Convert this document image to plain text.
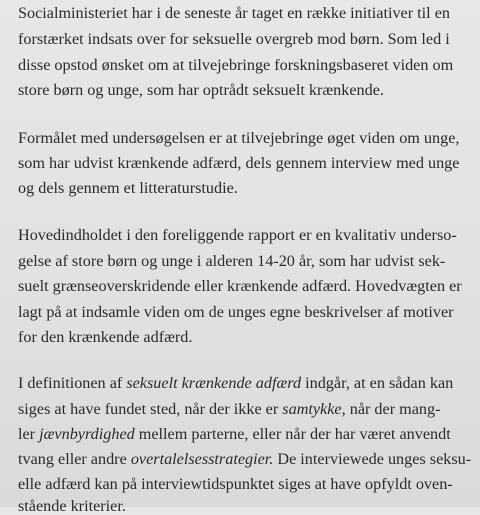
Socialministeriet har i de seneste år taget en række initiativer til en
forstærket indsats over for seksuelle overgreb mod børn. Som led i
disse opstod ønsket om at tilvejebringe forskningsbaseret viden om
store børn og unge, som har optrådt seksuelt krænkende.
Formålet med undersøgelsen er at tilvejebringe øget viden om unge,
som har udvist krænkende adfærd, dels gennem interview med unge
og dels gennem et litteraturstudie.
Hovedindholdet i den foreliggende rapport er en kvalitativ underso-
gelse af store børn og unge i alderen 14-20 år, som har udvist sek-
suelt grænseoverskridende eller krænkende adfærd. Hovedvægten er
lagt på at indsamle viden om de unges egne beskrivelser af motiver
for den krænkende adfærd.
I definitionen af seksuelt krænkende adfærd indgår, at en sådan kan
siges at have fundet sted, når der ikke er samtykke, når der mang-
ler jævnbyrdighed mellem parterne, eller når der har været anvendt
tvang eller andre overtalelsesstrategier. De interviewede unges seksu-
elle adfærd kan på interviewtidspunktet siges at have opfyldt oven-
stående kriterier.
